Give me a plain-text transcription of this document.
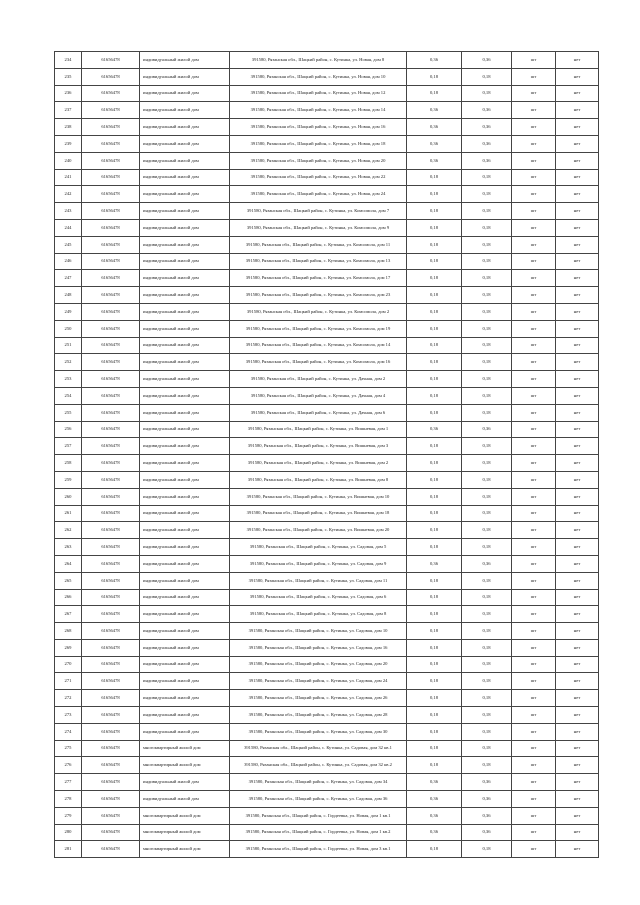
234	61656478	индивидуальный жилой дом	391580, Рязанская обл., Шацкий район, с. Кутинка, ул. Новая, дом 8	0,36	0,36	шт	нет
235	61656478	индивидуальный жилой дом	391580, Рязанская обл., Шацкий район, с. Кутинка, ул. Новая, дом 10	0,18	0,18	шт	нет
236	61656478	индивидуальный жилой дом	391580, Рязанская обл., Шацкий район, с. Кутинка, ул. Новая, дом 12	0,18	0,18	шт	нет
237	61656478	индивидуальный жилой дом	391580, Рязанская обл., Шацкий район, с. Кутинка, ул. Новая, дом 14	0,36	0,36	шт	нет
238	61656478	индивидуальный жилой дом	391580, Рязанская обл., Шацкий район, с. Кутинка, ул. Новая, дом 16	0,36	0,36	шт	нет
239	61656478	индивидуальный жилой дом	391580, Рязанская обл., Шацкий район, с. Кутинка, ул. Новая, дом 18	0,36	0,36	шт	нет
240	61656478	индивидуальный жилой дом	391580, Рязанская обл., Шацкий район, с. Кутинка, ул. Новая, дом 20	0,36	0,36	шт	нет
241	61656478	индивидуальный жилой дом	391580, Рязанская обл., Шацкий район, с. Кутинка, ул. Новая, дом 22	0,18	0,18	шт	нет
242	61656478	индивидуальный жилой дом	391580, Рязанская обл., Шацкий район, с. Кутинка, ул. Новая, дом 24	0,18	0,18	шт	нет
243	61656478	индивидуальный жилой дом	391580, Рязанская обл., Шацкий район, с. Кутинка, ул. Комсомола, дом 7	0,18	0,18	шт	нет
244	61656478	индивидуальный жилой дом	391580, Рязанская обл., Шацкий район, с. Кутинка, ул. Комсомола, дом 9	0,18	0,18	шт	нет
245	61656478	индивидуальный жилой дом	391580, Рязанская обл., Шацкий район, с. Кутинка, ул. Комсомола, дом 11	0,18	0,18	шт	нет
246	61656478	индивидуальный жилой дом	391580, Рязанская обл., Шацкий район, с. Кутинка, ул. Комсомола, дом 13	0,18	0,18	шт	нет
247	61656478	индивидуальный жилой дом	391580, Рязанская обл., Шацкий район, с. Кутинка, ул. Комсомола, дом 17	0,18	0,18	шт	нет
248	61656478	индивидуальный жилой дом	391580, Рязанская обл., Шацкий район, с. Кутинка, ул. Комсомола, дом 23	0,18	0,18	шт	нет
249	61656478	индивидуальный жилой дом	391580, Рязанская обл., Шацкий район, с. Кутинка, ул. Комсомола, дом 2	0,18	0,18	шт	нет
250	61656478	индивидуальный жилой дом	391580, Рязанская обл., Шацкий район, с. Кутинка, ул. Комсомола, дом 19	0,18	0,18	шт	нет
251	61656478	индивидуальный жилой дом	391580, Рязанская обл., Шацкий район, с. Кутинка, ул. Комсомола, дом 14	0,18	0,18	шт	нет
252	61656478	индивидуальный жилой дом	391580, Рязанская обл., Шацкий район, с. Кутинка, ул. Комсомола, дом 16	0,18	0,18	шт	нет
253	61656478	индивидуальный жилой дом	391580, Рязанская обл., Шацкий район, с. Кутинка, ул. Дачная, дом 2	0,18	0,18	шт	нет
254	61656478	индивидуальный жилой дом	391580, Рязанская обл., Шацкий район, с. Кутинка, ул. Дачная, дом 4	0,18	0,18	шт	нет
255	61656478	индивидуальный жилой дом	391580, Рязанская обл., Шацкий район, с. Кутинка, ул. Дачная, дом 6	0,18	0,18	шт	нет
256	61656478	индивидуальный жилой дом	391580, Рязанская обл., Шацкий район, с. Кутинка, ул. Вишневая, дом 1	0,36	0,36	шт	нет
257	61656478	индивидуальный жилой дом	391580, Рязанская обл., Шацкий район, с. Кутинка, ул. Вишневая, дом 3	0,18	0,18	шт	нет
258	61656478	индивидуальный жилой дом	391580, Рязанская обл., Шацкий район, с. Кутинка, ул. Вишневая, дом 2	0,18	0,18	шт	нет
259	61656478	индивидуальный жилой дом	391580, Рязанская обл., Шацкий район, с. Кутинка, ул. Вишневая, дом 8	0,18	0,18	шт	нет
260	61656478	индивидуальный жилой дом	391580, Рязанская обл., Шацкий район, с. Кутинка, ул. Вишневая, дом 10	0,18	0,18	шт	нет
261	61656478	индивидуальный жилой дом	391580, Рязанская обл., Шацкий район, с. Кутинка, ул. Вишневая, дом 18	0,18	0,18	шт	нет
262	61656478	индивидуальный жилой дом	391580, Рязанская обл., Шацкий район, с. Кутинка, ул. Вишневая, дом 20	0,18	0,18	шт	нет
263	61656478	индивидуальный жилой дом	391580, Рязанская обл., Шацкий район, с. Кутинка, ул. Садовая, дом 5	0,18	0,18	шт	нет
264	61656478	индивидуальный жилой дом	391580, Рязанская обл., Шацкий район, с. Кутинка, ул. Садовая, дом 9	0,36	0,36	шт	нет
265	61656478	индивидуальный жилой дом	391580, Рязанская обл., Шацкий район, с. Кутинка, ул. Садовая, дом 11	0,18	0,18	шт	нет
266	61656478	индивидуальный жилой дом	391580, Рязанская обл., Шацкий район, с. Кутинка, ул. Садовая, дом 6	0,18	0,18	шт	нет
267	61656478	индивидуальный жилой дом	391580, Рязанская обл., Шацкий район, с. Кутинка, ул. Садовая, дом 8	0,18	0,18	шт	нет
268	61656478	индивидуальный жилой дом	391580, Рязанская обл., Шацкий район, с. Кутинка, ул. Садовая, дом 10	0,18	0,18	шт	нет
269	61656478	индивидуальный жилой дом	391580, Рязанская обл., Шацкий район, с. Кутинка, ул. Садовая, дом 16	0,18	0,18	шт	нет
270	61656478	индивидуальный жилой дом	391580, Рязанская обл., Шацкий район, с. Кутинка, ул. Садовая, дом 20	0,18	0,18	шт	нет
271	61656478	индивидуальный жилой дом	391580, Рязанская обл., Шацкий район, с. Кутинка, ул. Садовая, дом 24	0,18	0,18	шт	нет
272	61656478	индивидуальный жилой дом	391580, Рязанская обл., Шацкий район, с. Кутинка, ул. Садовая, дом 26	0,18	0,18	шт	нет
273	61656478	индивидуальный жилой дом	391580, Рязанская обл., Шацкий район, с. Кутинка, ул. Садовая, дом 28	0,18	0,18	шт	нет
274	61656478	индивидуальный жилой дом	391580, Рязанская обл., Шацкий район, с. Кутинка, ул. Садовая, дом 30	0,18	0,18	шт	нет
275	61656478	многоквартирный жилой дом	391580, Рязанская обл., Шацкий район, с. Кутинка, ул. Садовая, дом 32 кв.1	0,18	0,18	шт	нет
276	61656478	многоквартирный жилой дом	391580, Рязанская обл., Шацкий район, с. Кутинка, ул. Садовая, дом 32 кв.2	0,18	0,18	шт	нет
277	61656478	индивидуальный жилой дом	391580, Рязанская обл., Шацкий район, с. Кутинка, ул. Садовая, дом 34	0,36	0,36	шт	нет
278	61656478	индивидуальный жилой дом	391580, Рязанская обл., Шацкий район, с. Кутинка, ул. Садовая, дом 36	0,36	0,36	шт	нет
279	61656478	многоквартирный жилой дом	391580, Рязанская обл., Шацкий район, с. Гордеевка, ул. Новая, дом 1 кв.1	0,36	0,36	шт	нет
280	61656478	многоквартирный жилой дом	391580, Рязанская обл., Шацкий район, с. Гордеевка, ул. Новая, дом 1 кв.2	0,36	0,36	шт	нет
281	61656478	многоквартирный жилой дом	391580, Рязанская обл., Шацкий район, с. Гордеевка, ул. Новая, дом 3 кв.1	0,18	0,18	шт	нет
